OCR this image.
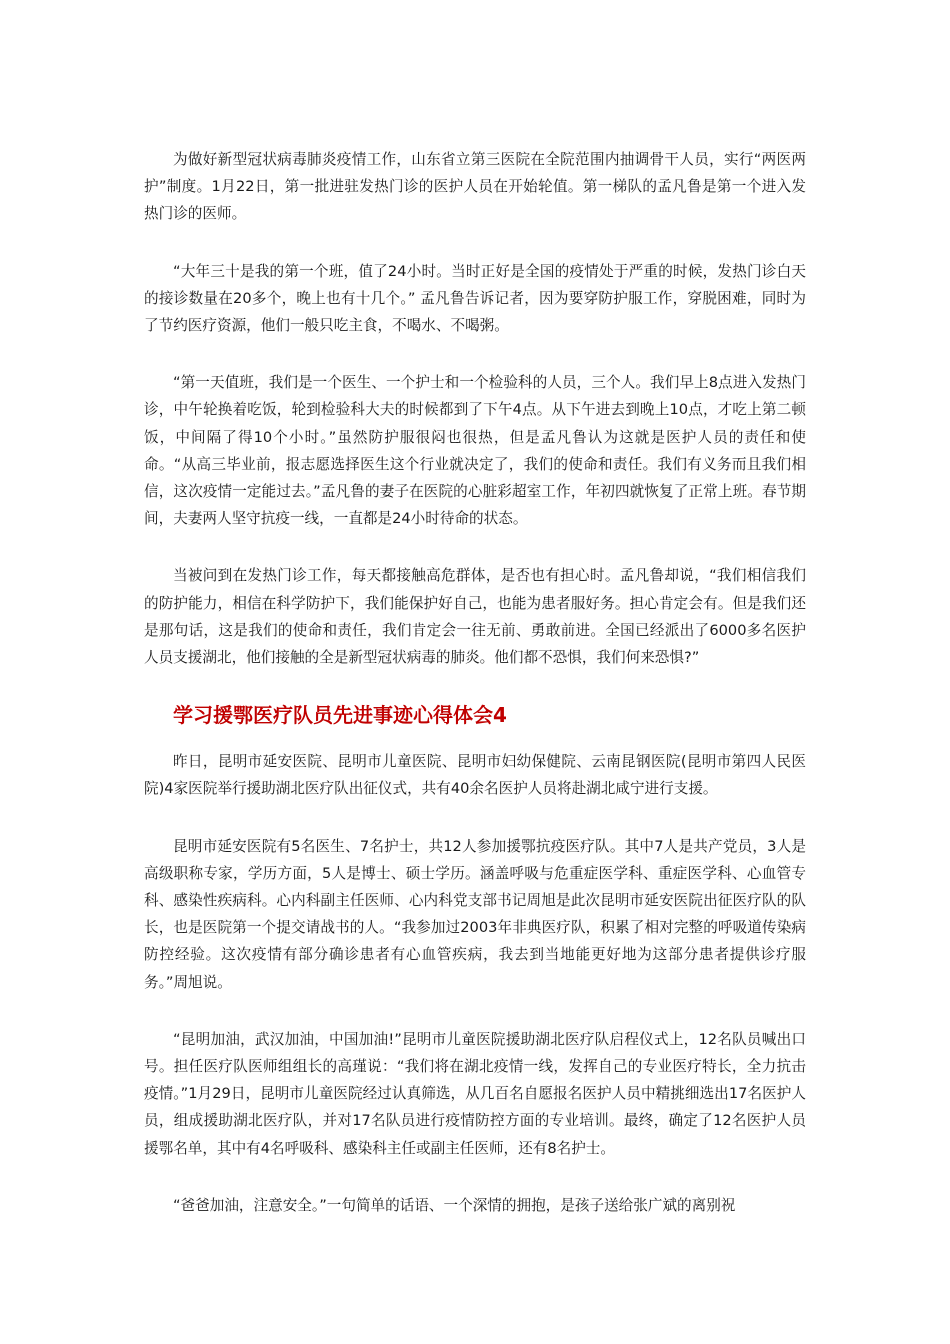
为做好新型冠状病毒肺炎疫情工作，山东省立第三医院在全院范围内抽调骨干人员，实行“两医两护”制度。1月22日，第一批进驻发热门诊的医护人员在开始轮值。第一梯队的孟凡鲁是第一个进入发热门诊的医师。

“大年三十是我的第一个班，值了24小时。当时正好是全国的疫情处于严重的时候，发热门诊白天的接诊数量在20多个，晚上也有十几个。” 孟凡鲁告诉记者，因为要穿防护服工作，穿脱困难，同时为了节约医疗资源，他们一般只吃主食，不喝水、不喝粥。

“第一天值班，我们是一个医生、一个护士和一个检验科的人员，三个人。我们早上8点进入发热门诊，中午轮换着吃饭，轮到检验科大夫的时候都到了下午4点。从下午进去到晚上10点，才吃上第二顿饭，中间隔了得10个小时。”虽然防护服很闷也很热，但是孟凡鲁认为这就是医护人员的责任和使命。“从高三毕业前，报志愿选择医生这个行业就决定了，我们的使命和责任。我们有义务而且我们相信，这次疫情一定能过去。”孟凡鲁的妻子在医院的心脏彩超室工作，年初四就恢复了正常上班。春节期间，夫妻两人坚守抗疫一线，一直都是24小时待命的状态。

当被问到在发热门诊工作，每天都接触高危群体，是否也有担心时。孟凡鲁却说，“我们相信我们的防护能力，相信在科学防护下，我们能保护好自己，也能为患者服好务。担心肯定会有。但是我们还是那句话，这是我们的使命和责任，我们肯定会一往无前、勇敢前进。全国已经派出了6000多名医护人员支援湖北，他们接触的全是新型冠状病毒的肺炎。他们都不恐惧，我们何来恐惧?”

学习援鄂医疗队员先进事迹心得体会4

昨日，昆明市延安医院、昆明市儿童医院、昆明市妇幼保健院、云南昆钢医院(昆明市第四人民医院)4家医院举行援助湖北医疗队出征仪式，共有40余名医护人员将赴湖北咸宁进行支援。

昆明市延安医院有5名医生、7名护士，共12人参加援鄂抗疫医疗队。其中7人是共产党员，3人是高级职称专家，学历方面，5人是博士、硕士学历。涵盖呼吸与危重症医学科、重症医学科、心血管专科、感染性疾病科。心内科副主任医师、心内科党支部书记周旭是此次昆明市延安医院出征医疗队的队长，也是医院第一个提交请战书的人。“我参加过2003年非典医疗队，积累了相对完整的呼吸道传染病防控经验。这次疫情有部分确诊患者有心血管疾病，我去到当地能更好地为这部分患者提供诊疗服务。”周旭说。

“昆明加油，武汉加油，中国加油!”昆明市儿童医院援助湖北医疗队启程仪式上，12名队员喊出口号。担任医疗队医师组组长的高瑾说：“我们将在湖北疫情一线，发挥自己的专业医疗特长，全力抗击疫情。”1月29日，昆明市儿童医院经过认真筛选，从几百名自愿报名医护人员中精挑细选出17名医护人员，组成援助湖北医疗队，并对17名队员进行疫情防控方面的专业培训。最终，确定了12名医护人员援鄂名单，其中有4名呼吸科、感染科主任或副主任医师，还有8名护士。

“爸爸加油，注意安全。”一句简单的话语、一个深情的拥抱，是孩子送给张广斌的离别祝
